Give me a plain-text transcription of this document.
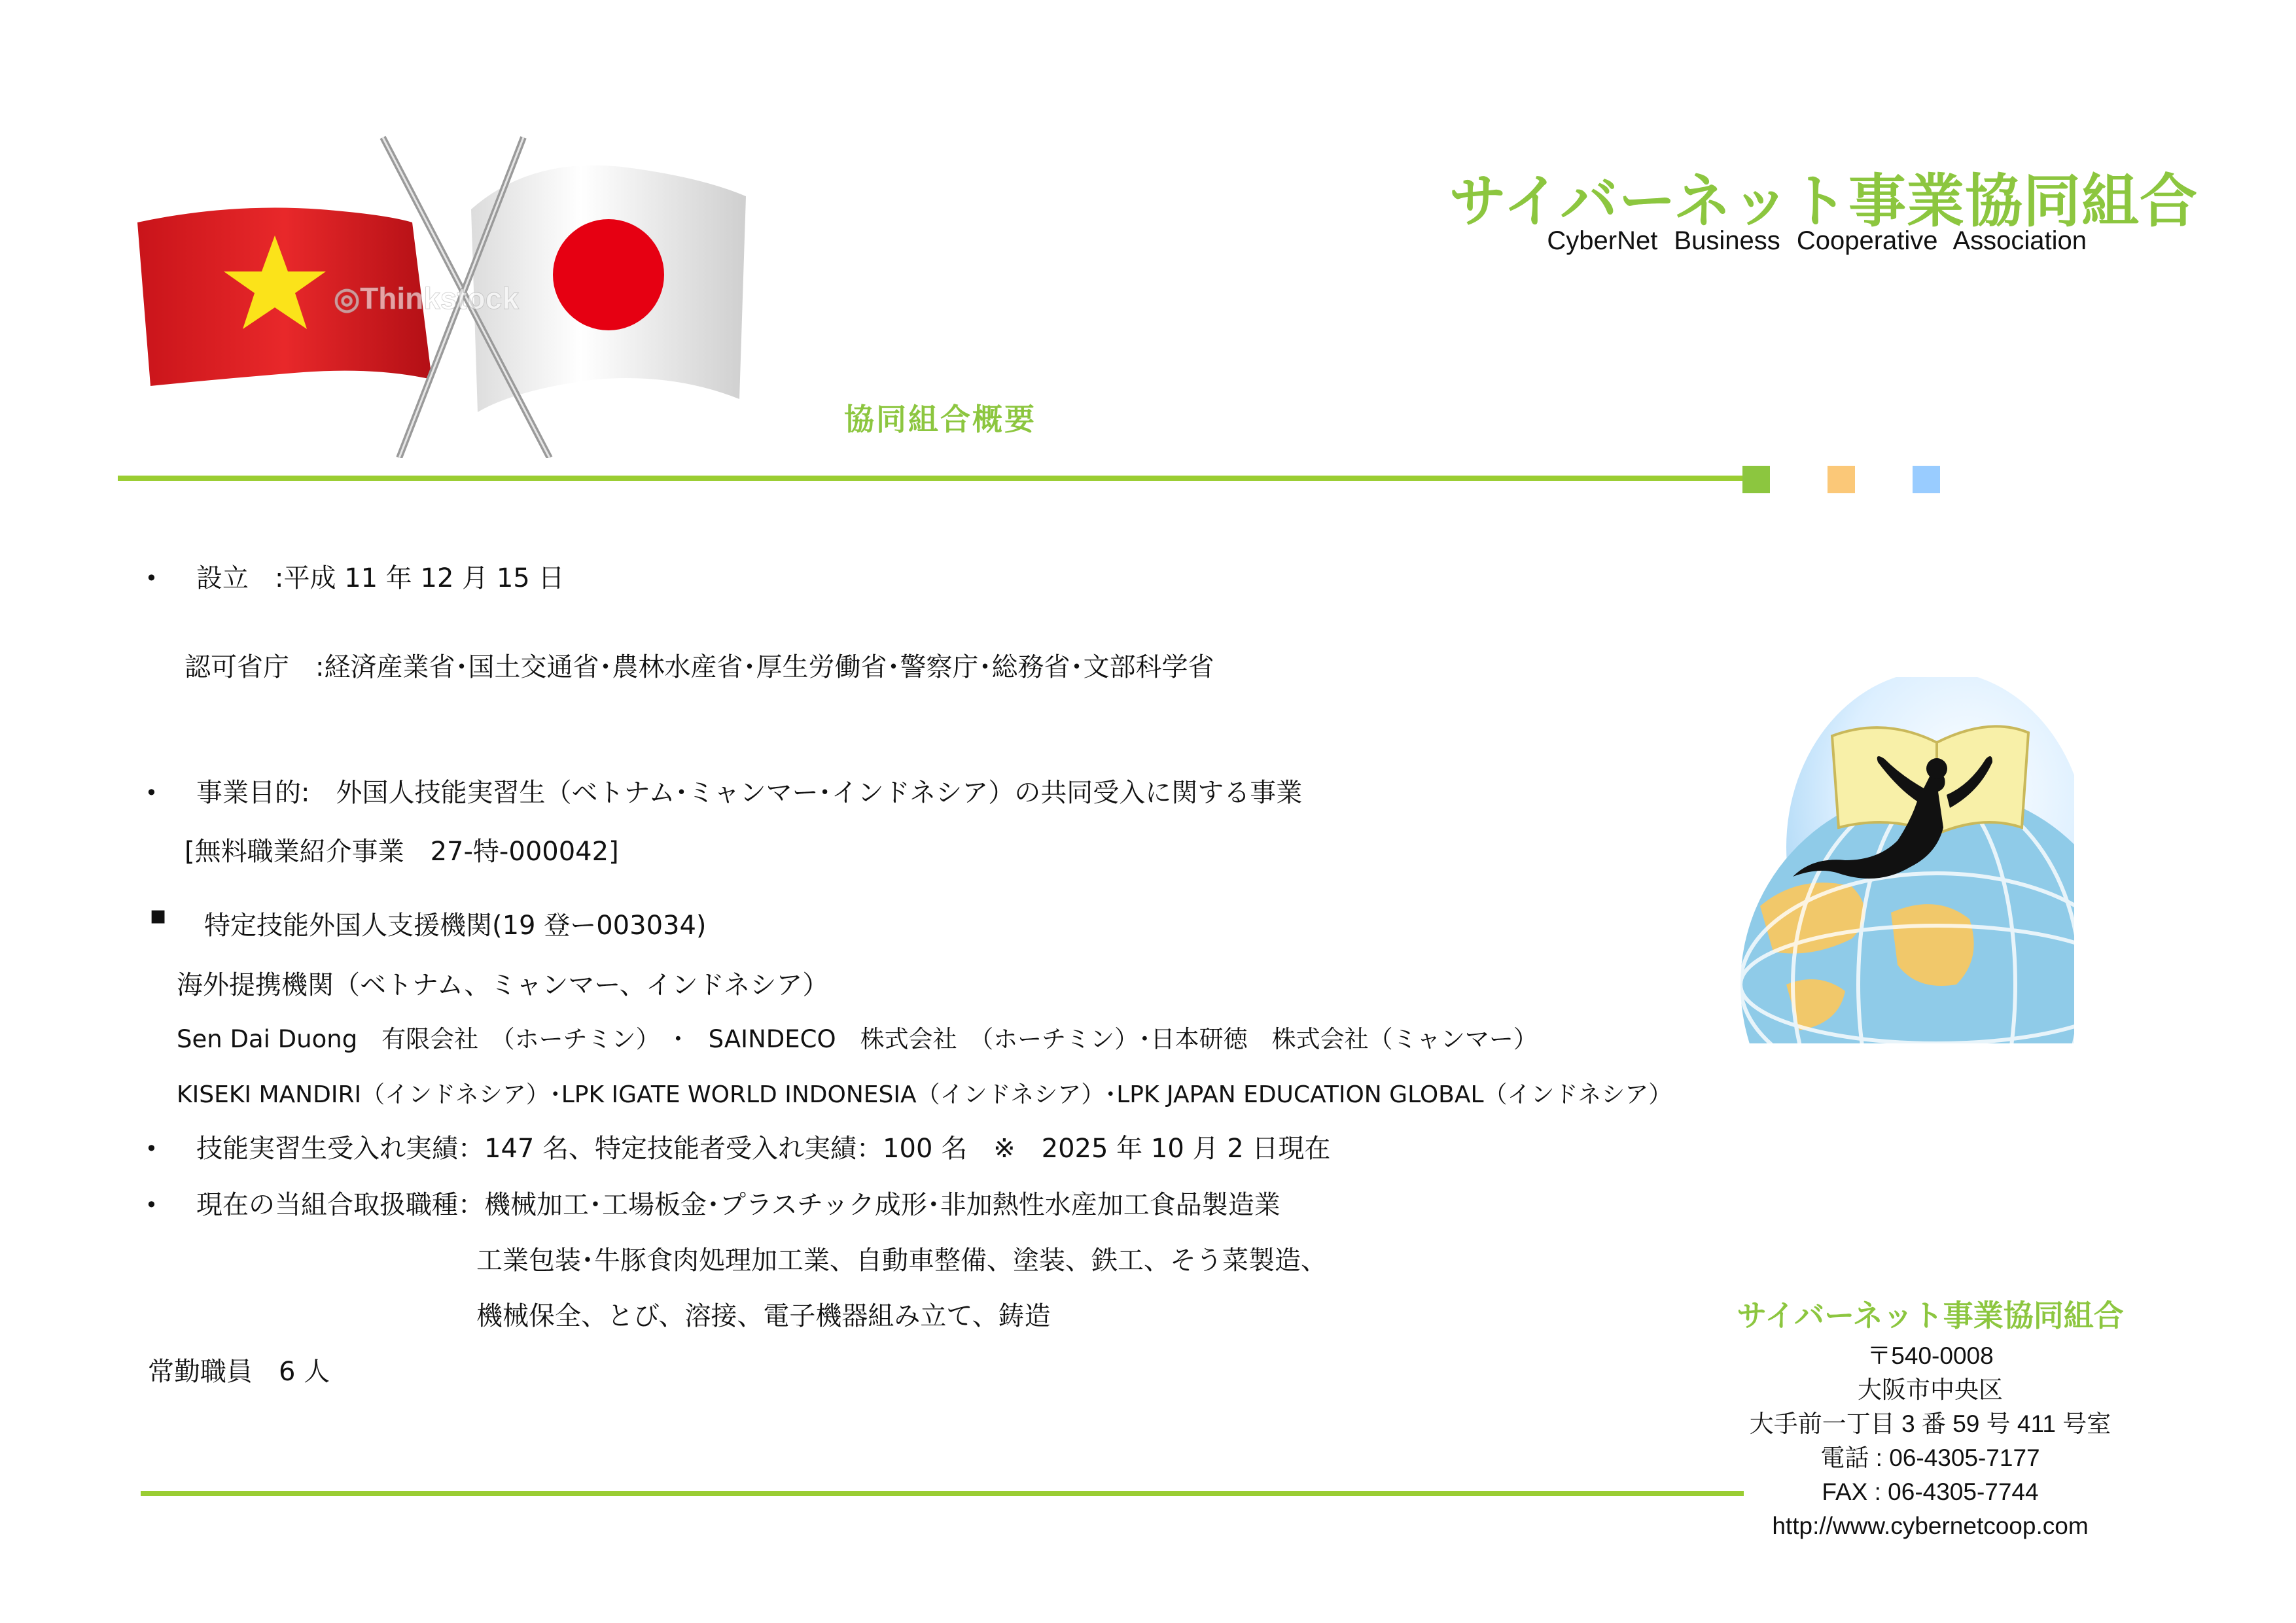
◎Thinkstock
サイバーネット事業協同組合
CyberNet Business Cooperative Association
協同組合概要
• 設立　:平成 11 年 12 月 15 日
認可省庁　:経済産業省･国土交通省･農林水産省･厚生労働省･警察庁･総務省･文部科学省
• 事業目的:　外国人技能実習生（ベトナム･ミャンマー･インドネシア）の共同受入に関する事業
[無料職業紹介事業　27-特-000042]
▪ 特定技能外国人支援機関(19 登ー003034)
海外提携機関（ベトナム、ミャンマー、インドネシア）
Sen Dai Duong　有限会社　（ホーチミン）　･　SAINDECO　株式会社　（ホーチミン）･日本研徳　株式会社（ミャンマー）
KISEKI MANDIRI（インドネシア）･LPK IGATE WORLD INDONESIA（インドネシア）･LPK JAPAN EDUCATION GLOBAL（インドネシア）
• 技能実習生受入れ実績：147 名、特定技能者受入れ実績：100 名　※　2025 年 10 月 2 日現在
• 現在の当組合取扱職種：機械加工･工場板金･プラスチック成形･非加熱性水産加工食品製造業
工業包装･牛豚食肉処理加工業、自動車整備、塗装、鉄工、そう菜製造、
機械保全、とび、溶接、電子機器組み立て、鋳造
常勤職員　6 人
サイバーネット事業協同組合
〒540-0008
大阪市中央区
大手前一丁目 3 番 59 号 411 号室
電話 : 06-4305-7177
FAX : 06-4305-7744
http://www.cybernetcoop.com
